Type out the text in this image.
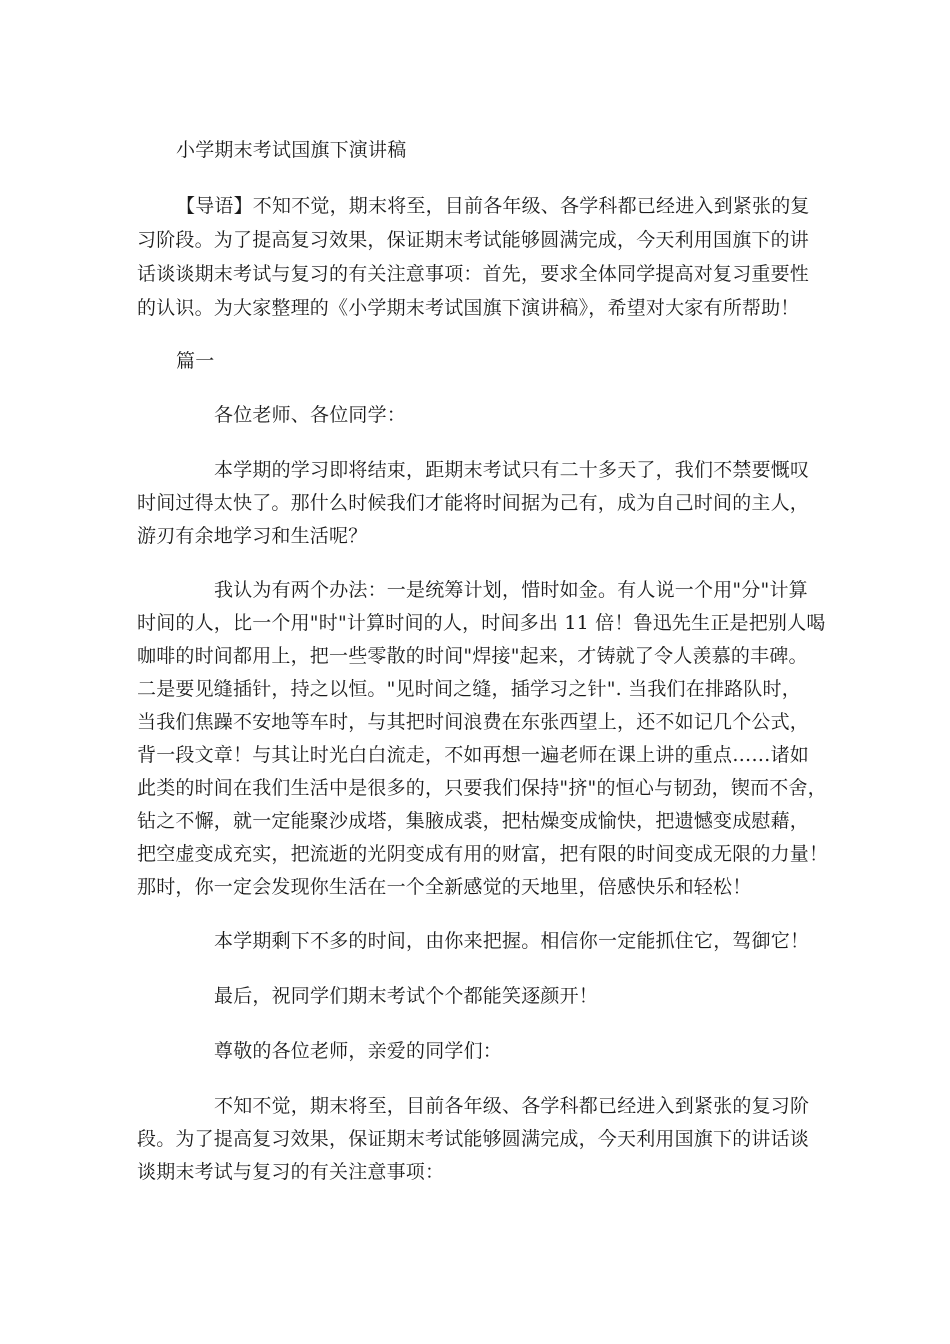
小学期末考试国旗下演讲稿
【导语】不知不觉，期末将至，目前各年级、各学科都已经进入到紧张的复
习阶段。为了提高复习效果，保证期末考试能够圆满完成，今天利用国旗下的讲
话谈谈期末考试与复习的有关注意事项：首先，要求全体同学提高对复习重要性
的认识。为大家整理的《小学期末考试国旗下演讲稿》，希望对大家有所帮助！
篇一
各位老师、各位同学：
本学期的学习即将结束，距期末考试只有二十多天了，我们不禁要慨叹
时间过得太快了。那什么时候我们才能将时间据为己有，成为自己时间的主人，
游刃有余地学习和生活呢？
我认为有两个办法：一是统筹计划，惜时如金。有人说一个用"分"计算
时间的人，比一个用"时"计算时间的人，时间多出 11 倍！鲁迅先生正是把别人喝
咖啡的时间都用上，把一些零散的时间"焊接"起来，才铸就了令人羡慕的丰碑。
二是要见缝插针，持之以恒。"见时间之缝，插学习之针". 当我们在排路队时，
当我们焦躁不安地等车时，与其把时间浪费在东张西望上，还不如记几个公式，
背一段文章！与其让时光白白流走，不如再想一遍老师在课上讲的重点……诸如
此类的时间在我们生活中是很多的，只要我们保持"挤"的恒心与韧劲，锲而不舍，
钻之不懈，就一定能聚沙成塔，集腋成裘，把枯燥变成愉快，把遗憾变成慰藉，
把空虚变成充实，把流逝的光阴变成有用的财富，把有限的时间变成无限的力量！
那时，你一定会发现你生活在一个全新感觉的天地里，倍感快乐和轻松！
本学期剩下不多的时间，由你来把握。相信你一定能抓住它，驾御它！
最后，祝同学们期末考试个个都能笑逐颜开！
尊敬的各位老师，亲爱的同学们：
不知不觉，期末将至，目前各年级、各学科都已经进入到紧张的复习阶
段。为了提高复习效果，保证期末考试能够圆满完成，今天利用国旗下的讲话谈
谈期末考试与复习的有关注意事项：
